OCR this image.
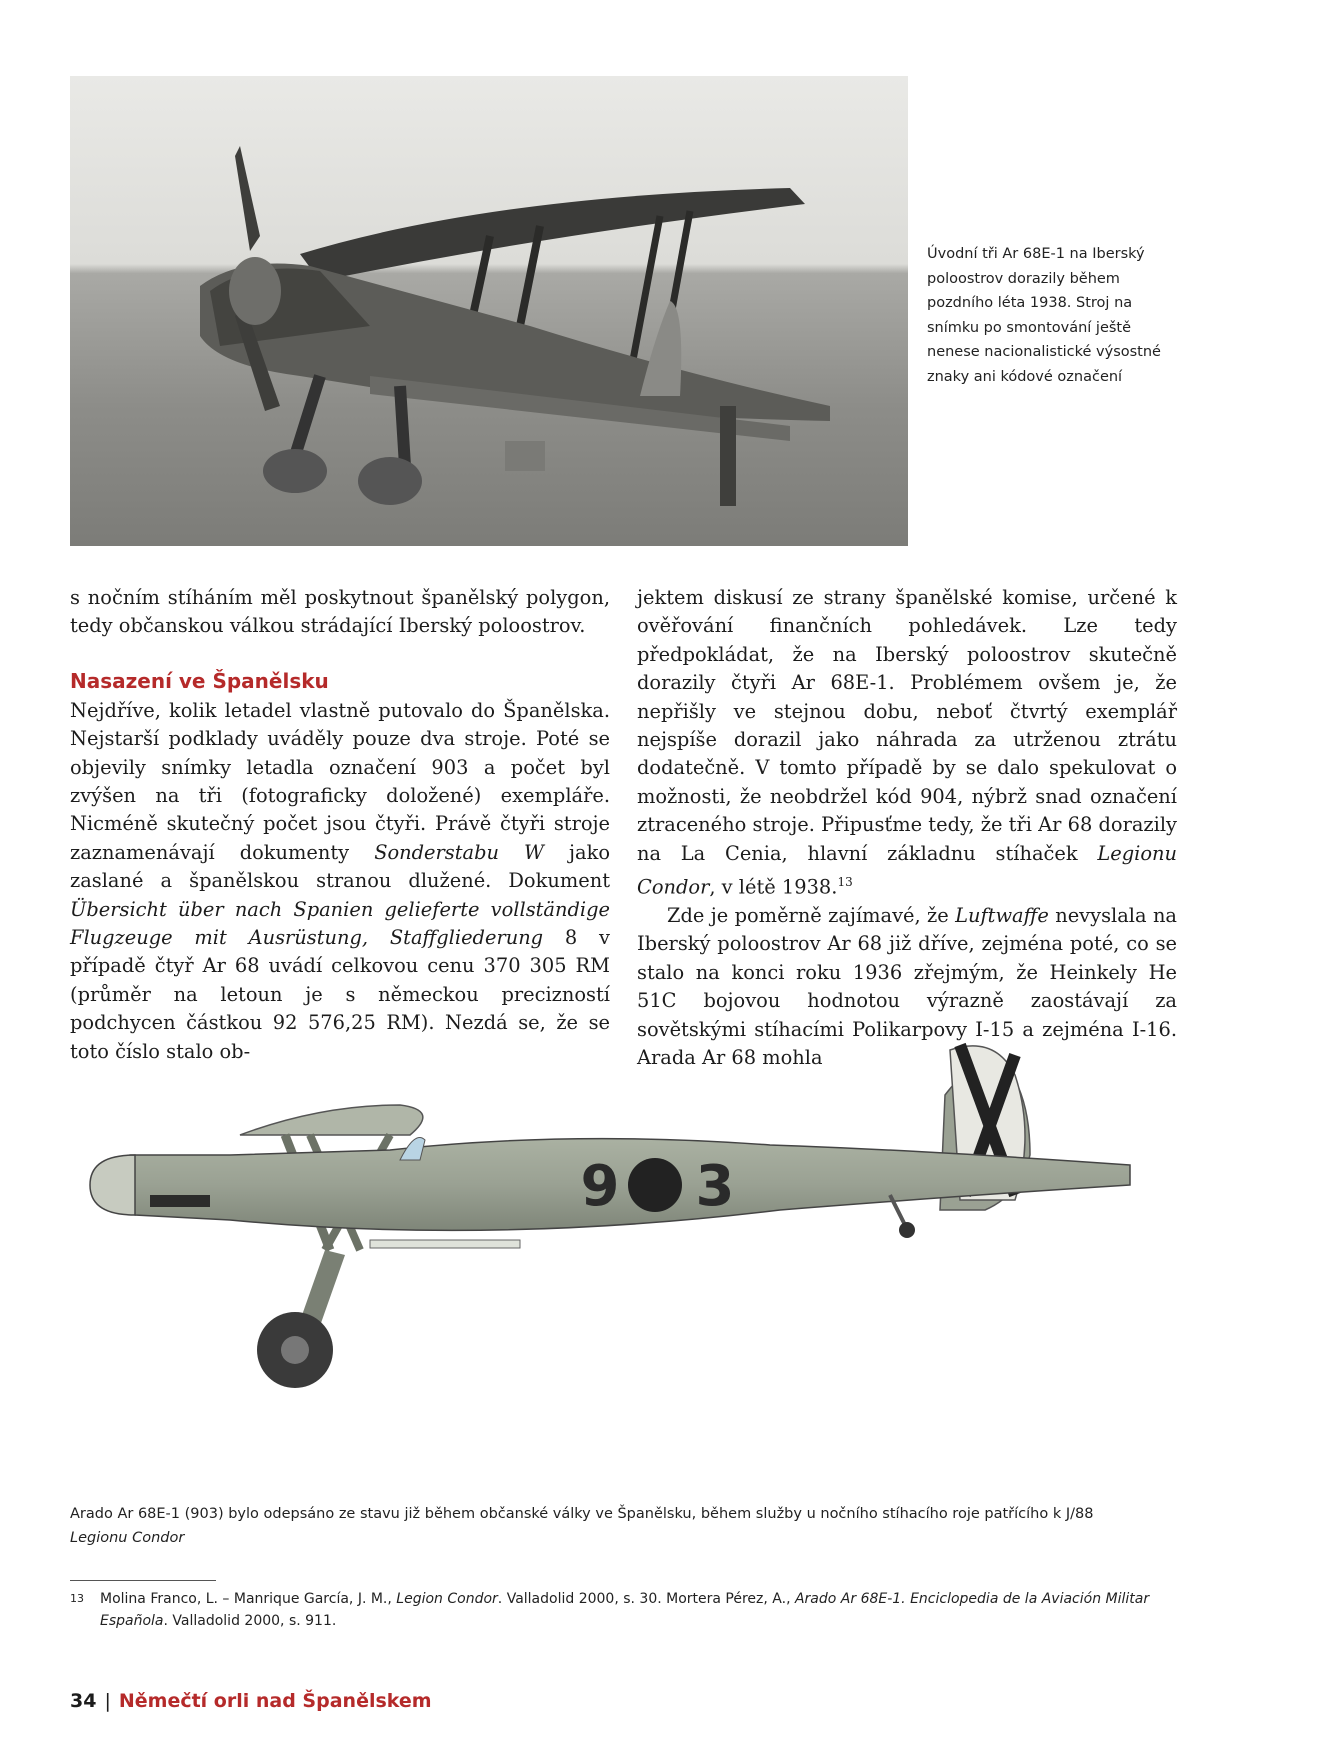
Úvodní tři Ar 68E-1 na Iberský poloostrov dorazily během pozdního léta 1938. Stroj na snímku po smontování ještě nenese nacionalistické výsostné znaky ani kódové označení

s nočním stíháním měl poskytnout španělský polygon, tedy občanskou válkou strádající Iberský poloostrov.

Nasazení ve Španělsku

Nejdříve, kolik letadel vlastně putovalo do Španělska. Nejstarší podklady uváděly pouze dva stroje. Poté se objevily snímky letadla označení 903 a počet byl zvýšen na tři (fotograficky doložené) exempláře. Nicméně skutečný počet jsou čtyři. Právě čtyři stroje zaznamenávají dokumenty Sonderstabu W jako zaslané a španělskou stranou dlužené. Dokument Übersicht über nach Spanien gelieferte vollständige Flugzeuge mit Ausrüstung, Staffgliederung 8 v případě čtyř Ar 68 uvádí celkovou cenu 370 305 RM (průměr na letoun je s německou precizností podchycen částkou 92 576,25 RM). Nezdá se, že se toto číslo stalo ob-

jektem diskusí ze strany španělské komise, určené k ověřování finančních pohledávek. Lze tedy předpokládat, že na Iberský poloostrov skutečně dorazily čtyři Ar 68E-1. Problémem ovšem je, že nepřišly ve stejnou dobu, neboť čtvrtý exemplář nejspíše dorazil jako náhrada za utrženou ztrátu dodatečně. V tomto případě by se dalo spekulovat o možnosti, že neobdržel kód 904, nýbrž snad označení ztraceného stroje. Připusťme tedy, že tři Ar 68 dorazily na La Cenia, hlavní základnu stíhaček Legionu Condor, v létě 1938.13

Zde je poměrně zajímavé, že Luftwaffe nevyslala na Iberský poloostrov Ar 68 již dříve, zejména poté, co se stalo na konci roku 1936 zřejmým, že Heinkely He 51C bojovou hodnotou výrazně zaostávají za sovětskými stíhacími Polikarpovy I-15 a zejména I-16. Arada Ar 68 mohla

9 3
Arado Ar 68E-1 (903) bylo odepsáno ze stavu již během občanské války ve Španělsku, během služby u nočního stíhacího roje patřícího k J/88
Legionu Condor
13 Molina Franco, L. – Manrique García, J. M., Legion Condor. Valladolid 2000, s. 30. Mortera Pérez, A., Arado Ar 68E-1. Enciclopedia de la Aviación Militar Española. Valladolid 2000, s. 911.
34 | Němečtí orli nad Španělskem
